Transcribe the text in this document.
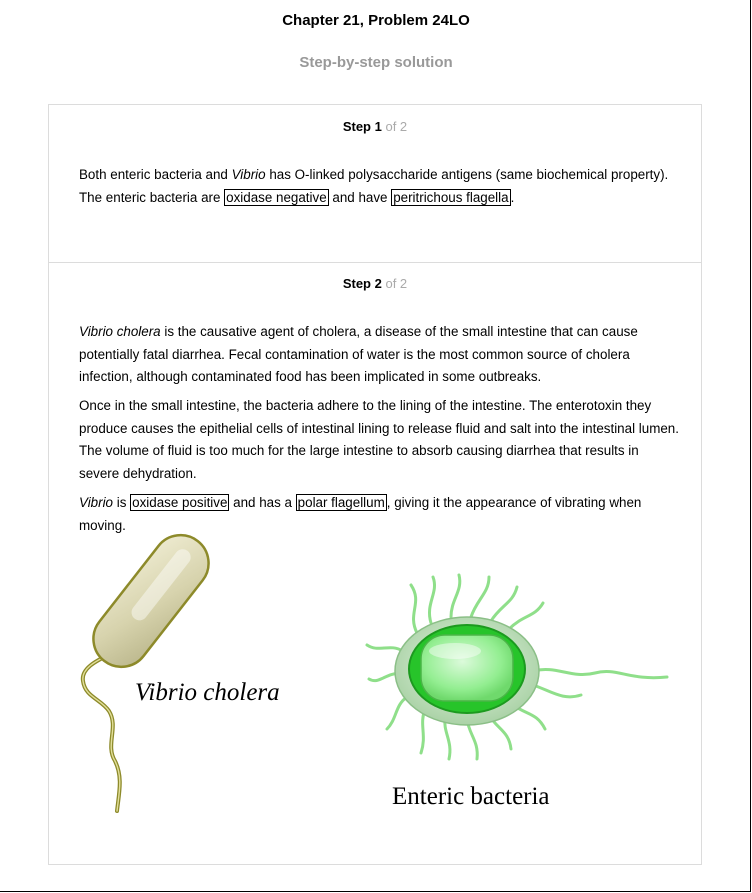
Chapter 21, Problem 24LO
Step-by-step solution
Step 1 of 2
Both enteric bacteria and Vibrio has O-linked polysaccharide antigens (same biochemical property). The enteric bacteria are oxidase negative and have peritrichous flagella .
Step 2 of 2
Vibrio cholera is the causative agent of cholera, a disease of the small intestine that can cause potentially fatal diarrhea. Fecal contamination of water is the most common source of cholera infection, although contaminated food has been implicated in some outbreaks.
Once in the small intestine, the bacteria adhere to the lining of the intestine. The enterotoxin they produce causes the epithelial cells of intestinal lining to release fluid and salt into the intestinal lumen. The volume of fluid is too much for the large intestine to absorb causing diarrhea that results in severe dehydration.
Vibrio is oxidase positive and has a polar flagellum , giving it the appearance of vibrating when moving.
Vibrio cholera
Enteric bacteria
